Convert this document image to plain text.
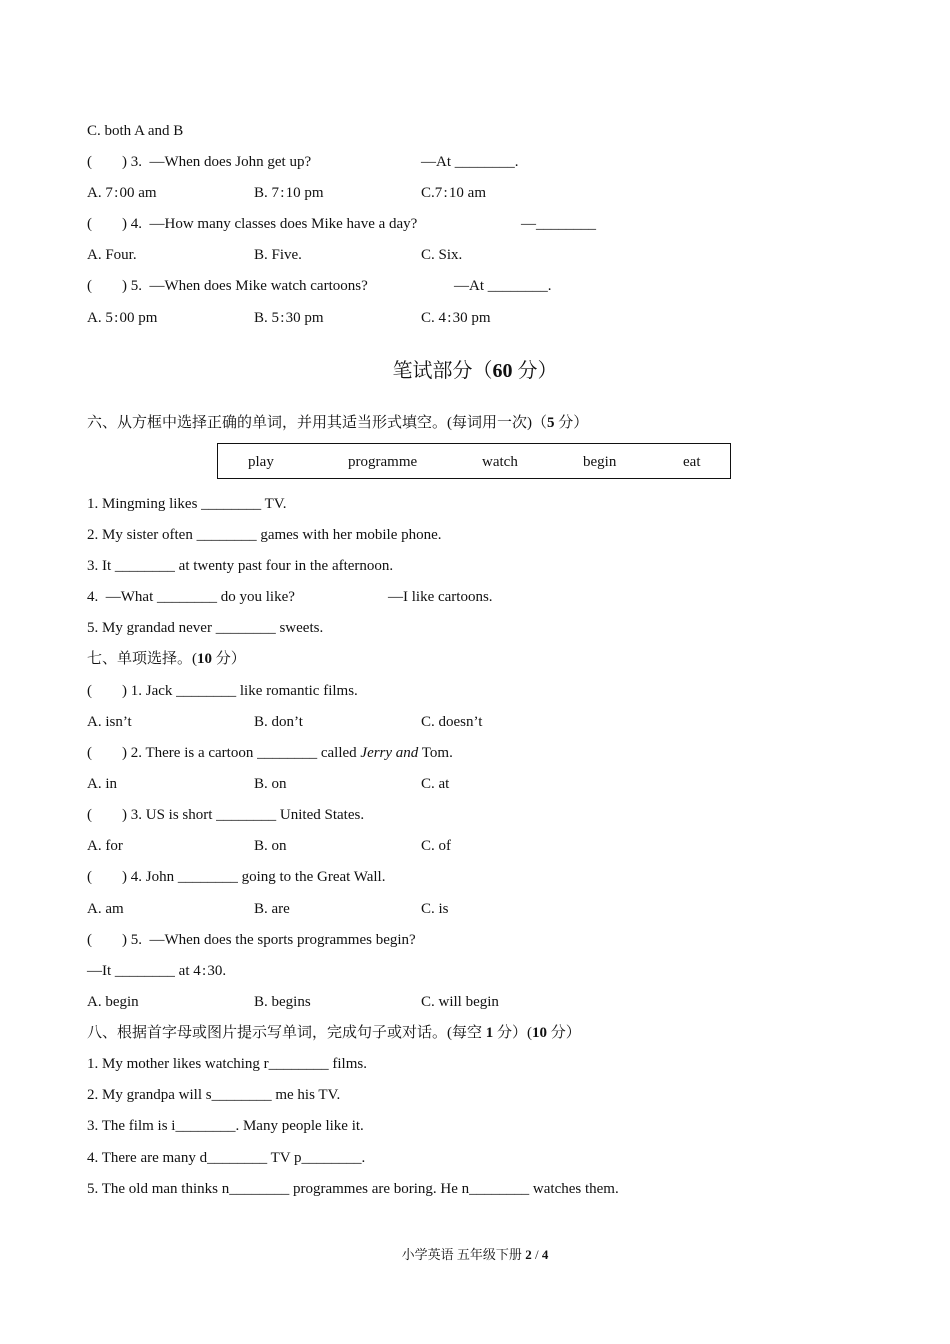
C. both A and B
(        ) 3.  —When does John get up?	—At ________.
A. 7 : 00 am	B. 7 : 10 pm	C.7 : 10 am
(        ) 4.  —How many classes does Mike have a day?	—________
A. Four.	B. Five.	C. Six.
(        ) 5.  —When does Mike watch cartoons?	—At ________.
A. 5 : 00 pm	B. 5 : 30 pm	C. 4 : 30 pm
笔试部分（60 分）
六、从方框中选择正确的单词，并用其适当形式填空。(每词用一次)（5 分）
play	programme	watch	begin	eat
1. Mingming likes ________ TV.
2. My sister often ________ games with her mobile phone.
3. It ________ at twenty past four in the afternoon.
4.  —What ________ do you like?	—I like cartoons.
5. My grandad never ________ sweets.
七、单项选择。(10 分）
(        ) 1. Jack ________ like romantic films.
A. isn’t	B. don’t	C. doesn’t
(        ) 2. There is a cartoon ________ called Jerry and Tom.
A. in	B. on	C. at
(        ) 3. US is short ________ United States.
A. for	B. on	C. of
(        ) 4. John ________ going to the Great Wall.
A. am	B. are	C. is
(        ) 5.  —When does the sports programmes begin?
—It ________ at 4 : 30.
A. begin	B. begins	C. will begin
八、根据首字母或图片提示写单词，完成句子或对话。(每空 1 分）(10 分）
1. My mother likes watching r________ films.
2. My grandpa will s________ me his TV.
3. The film is i________. Many people like it.
4. There are many d________ TV p________.
5. The old man thinks n________ programmes are boring. He n________ watches them.
小学英语 五年级下册 2 / 4
